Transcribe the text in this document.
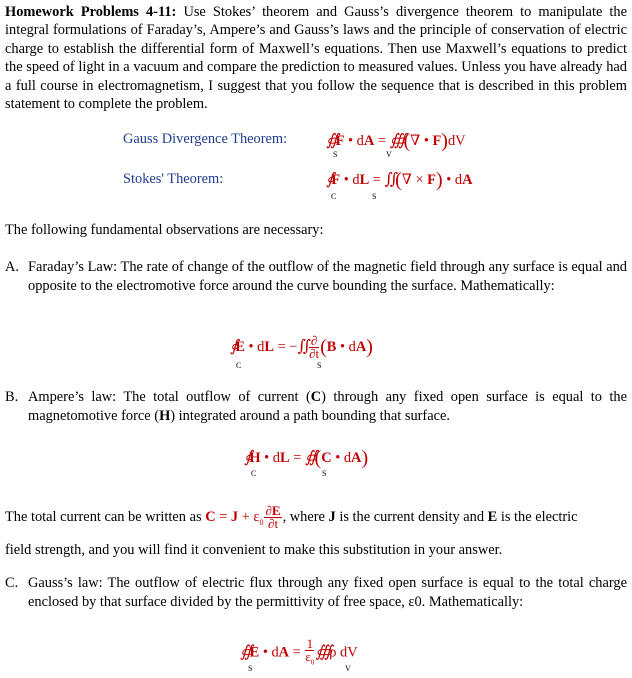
Homework Problems 4-11: Use Stokes’ theorem and Gauss’s divergence theorem to manipulate the integral formulations of Faraday’s, Ampere’s and Gauss’s laws and the principle of conservation of electric charge to establish the differential form of Maxwell’s equations. Then use Maxwell’s equations to predict the speed of light in a vacuum and compare the prediction to measured values. Unless you have already had a full course in electromagnetism, I suggest that you follow the sequence that is described in this problem statement to complete the problem.
Gauss Divergence Theorem: ∯F • dA = ∰(∇ • F)dV
S	V
Stokes' Theorem:	∮F • dL = ∬(∇ × F) • dA
C	S
The following fundamental observations are necessary:
A. Faraday’s Law: The rate of change of the outflow of the magnetic field through any surface is equal and opposite to the electromotive force around the curve bounding the surface. Mathematically:
∮E • dL = −∬ $\frac{\partial}{\partial t} (B$ • dA)
C	S
B. Ampere’s law: The total outflow of current (C) through any fixed open surface is equal to the magnetomotive force (H) integrated around a path bounding that surface.
∮H • dL = ∯(C • dA)
C	S
The total current can be written as $C = J + \varepsilon_0 \frac{\partial E}{\partial t}$ , where J is the current density and E is the electric
field strength, and you will find it convenient to make this substitution in your answer.
C. Gauss’s law: The outflow of electric flux through any fixed open surface is equal to the total charge enclosed by that surface divided by the permittivity of free space, ε0. Mathematically:
∯E • dA = $\frac{1}{\varepsilon_0}$ ∰ρ dV
S	V
